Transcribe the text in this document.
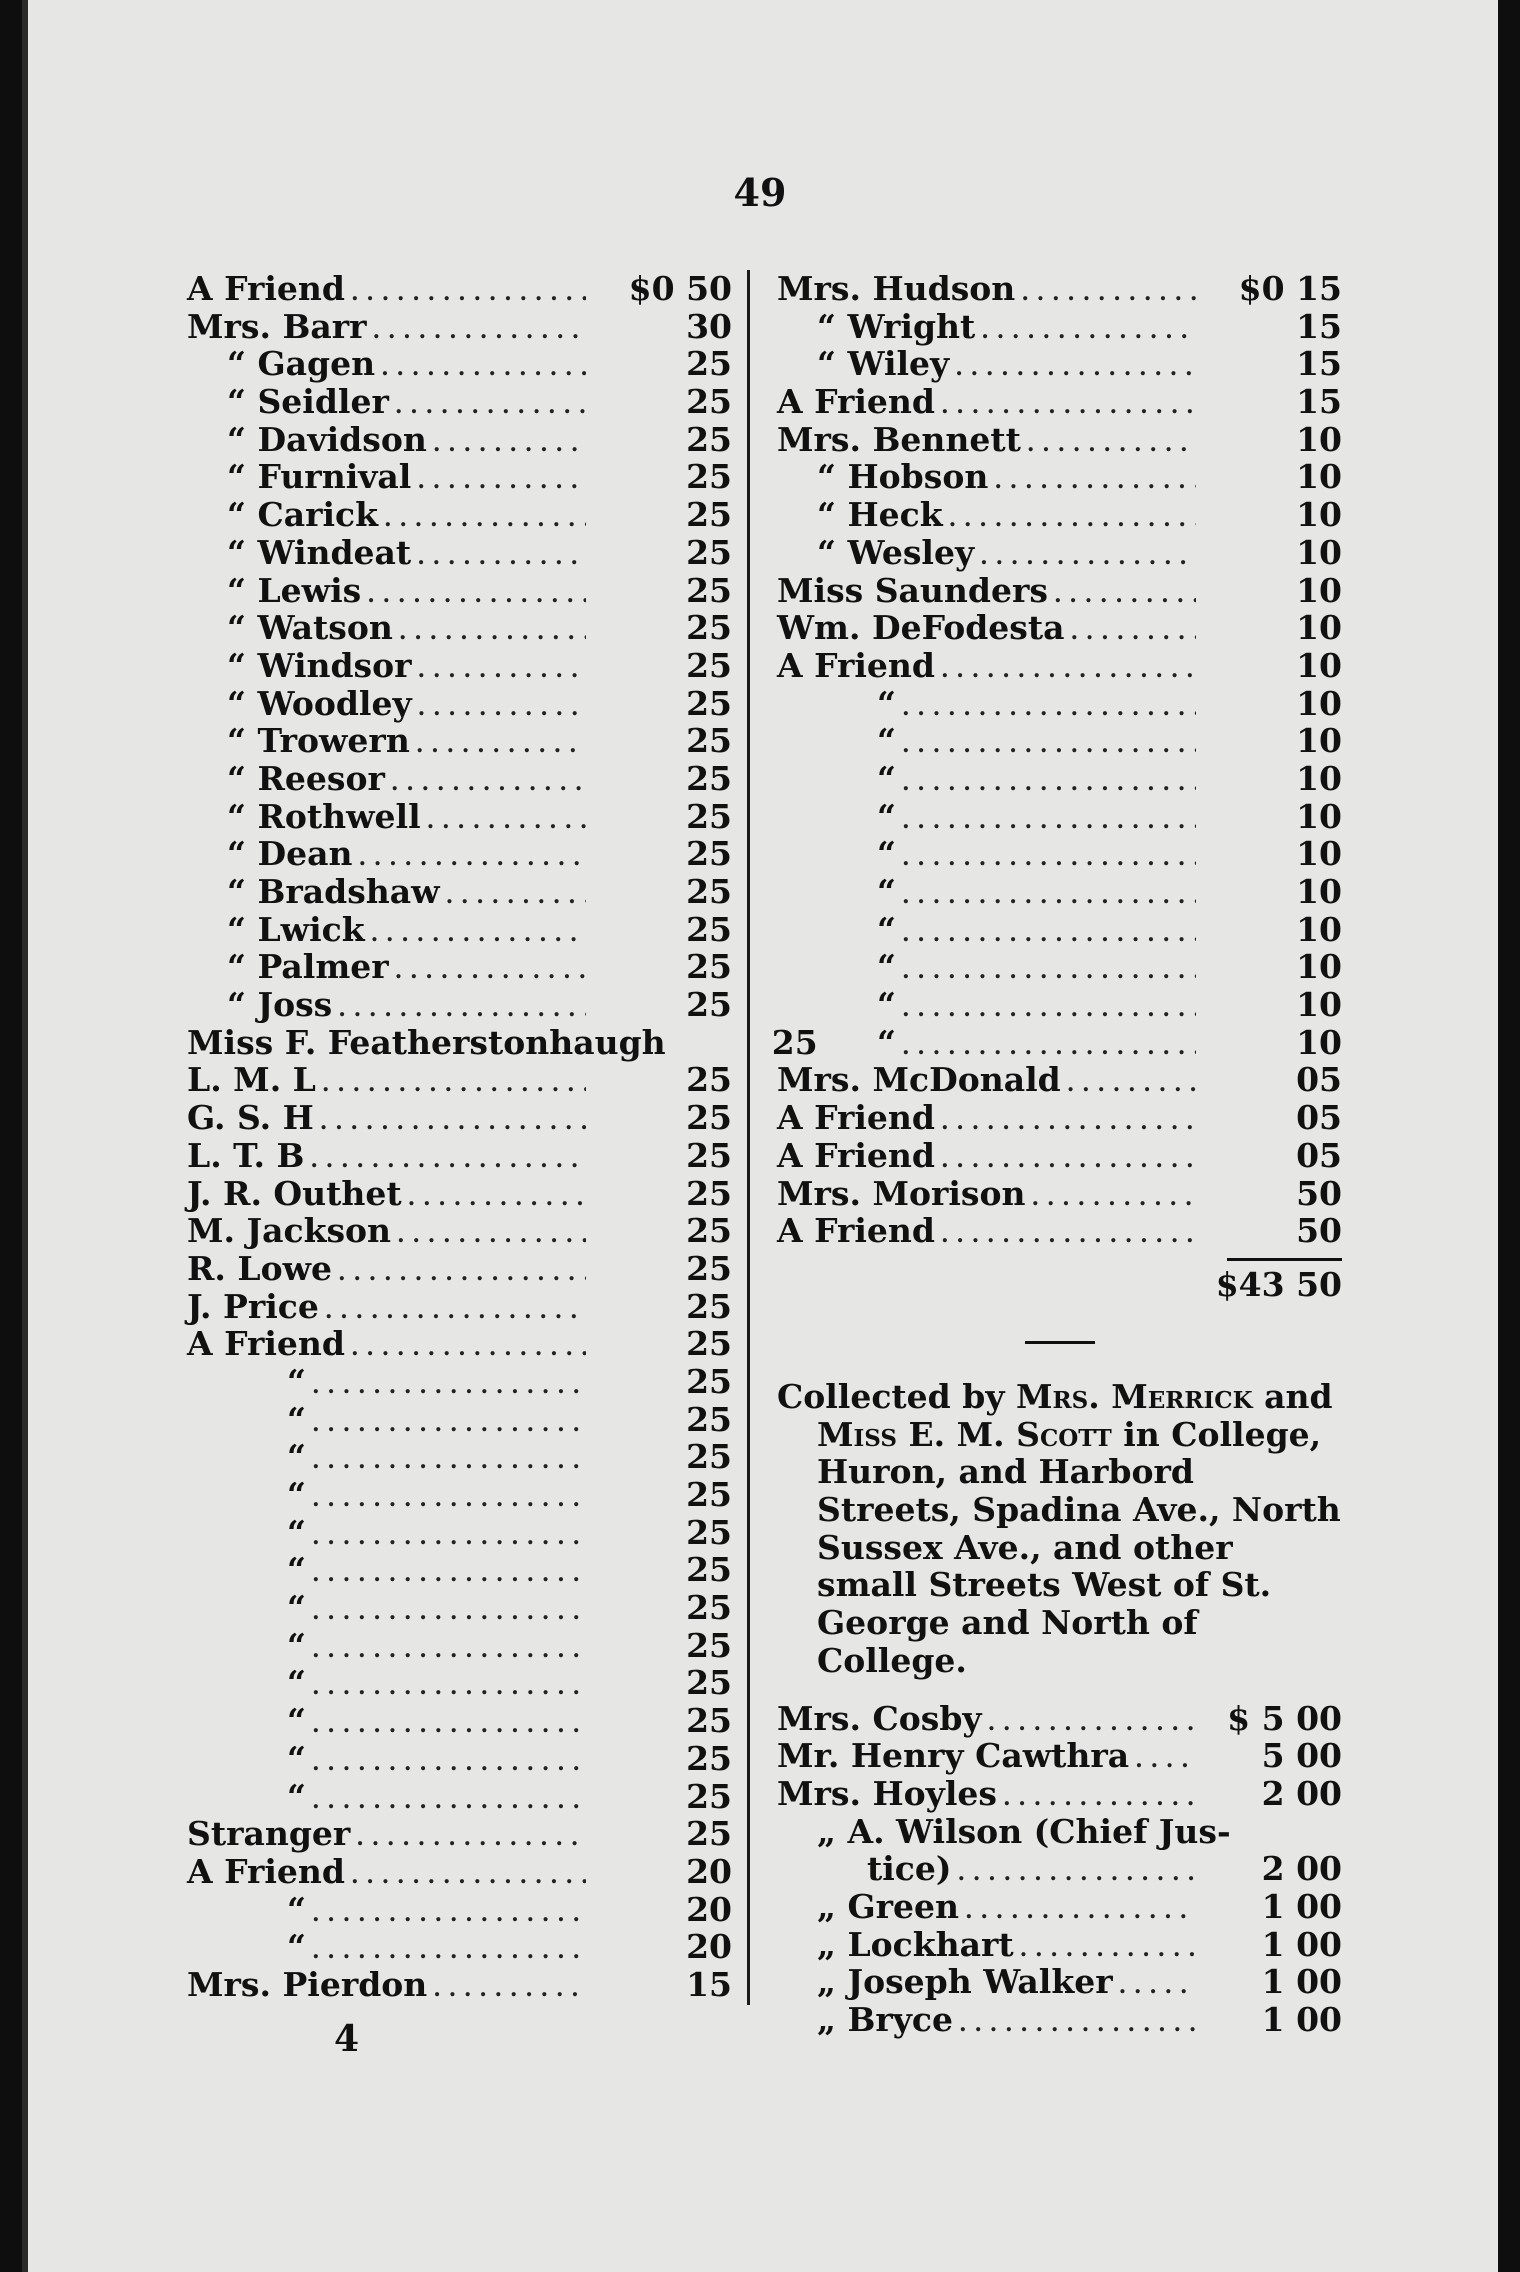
49
A Friend . . .	$0 50
Mrs. Barr . . .	30
“ Gagen . . .	25
“ Seidler . . .	25
“ Davidson . . .	25
“ Furnival . . .	25
“ Carick . . .	25
“ Windeat . . .	25
“ Lewis . . .	25
“ Watson . . .	25
“ Windsor . . .	25
“ Woodley . . .	25
“ Trowern . . .	25
“ Reesor . . .	25
“ Rothwell . . .	25
“ Dean . . .	25
“ Bradshaw . . .	25
“ Lwick . . .	25
“ Palmer . . .	25
“ Joss . . .	25
Miss F. Featherstonhaugh	25
L. M. L . . .	25
G. S. H . . .	25
L. T. B . . .	25
J. R. Outhet . . .	25
M. Jackson . . .	25
R. Lowe . . .	25
J. Price . . .	25
A Friend . . .	25
“ . . .	25
“ . . .	25
“ . . .	25
“ . . .	25
“ . . .	25
“ . . .	25
“ . . .	25
“ . . .	25
“ . . .	25
“ . . .	25
“ . . .	25
“ . . .	25
Stranger . . .	25
A Friend . . .	20
“ . . .	20
“ . . .	20
Mrs. Pierdon . . .	15
Mrs. Hudson . . .	$0 15
“ Wright . . .	15
“ Wiley . . .	15
A Friend . . .	15
Mrs. Bennett . . .	10
“ Hobson . . .	10
“ Heck . . .	10
“ Wesley . . .	10
Miss Saunders . . .	10
Wm. DeFodesta . . .	10
A Friend . . .	10
“ . . .	10
“ . . .	10
“ . . .	10
“ . . .	10
“ . . .	10
“ . . .	10
“ . . .	10
“ . . .	10
“ . . .	10
“ . . .	10
Mrs. McDonald . . .	05
A Friend . . .	05
A Friend . . .	05
Mrs. Morison . . .	50
A Friend . . .	50
$43 50
Collected by Mrs. Merrick and
Miss E. M. Scott in College, Huron, and Harbord Streets, Spadina Ave., North Sussex Ave., and other small Streets West of St. George and North of College.
Mrs. Cosby . . .	$ 5 00
Mr. Henry Cawthra . . .	5 00
Mrs. Hoyles . . .	2 00
„ A. Wilson (Chief Jus-
tice) . . .	2 00
„ Green . . .	1 00
„ Lockhart . . .	1 00
„ Joseph Walker . . .	1 00
„ Bryce . . .	1 00
4
